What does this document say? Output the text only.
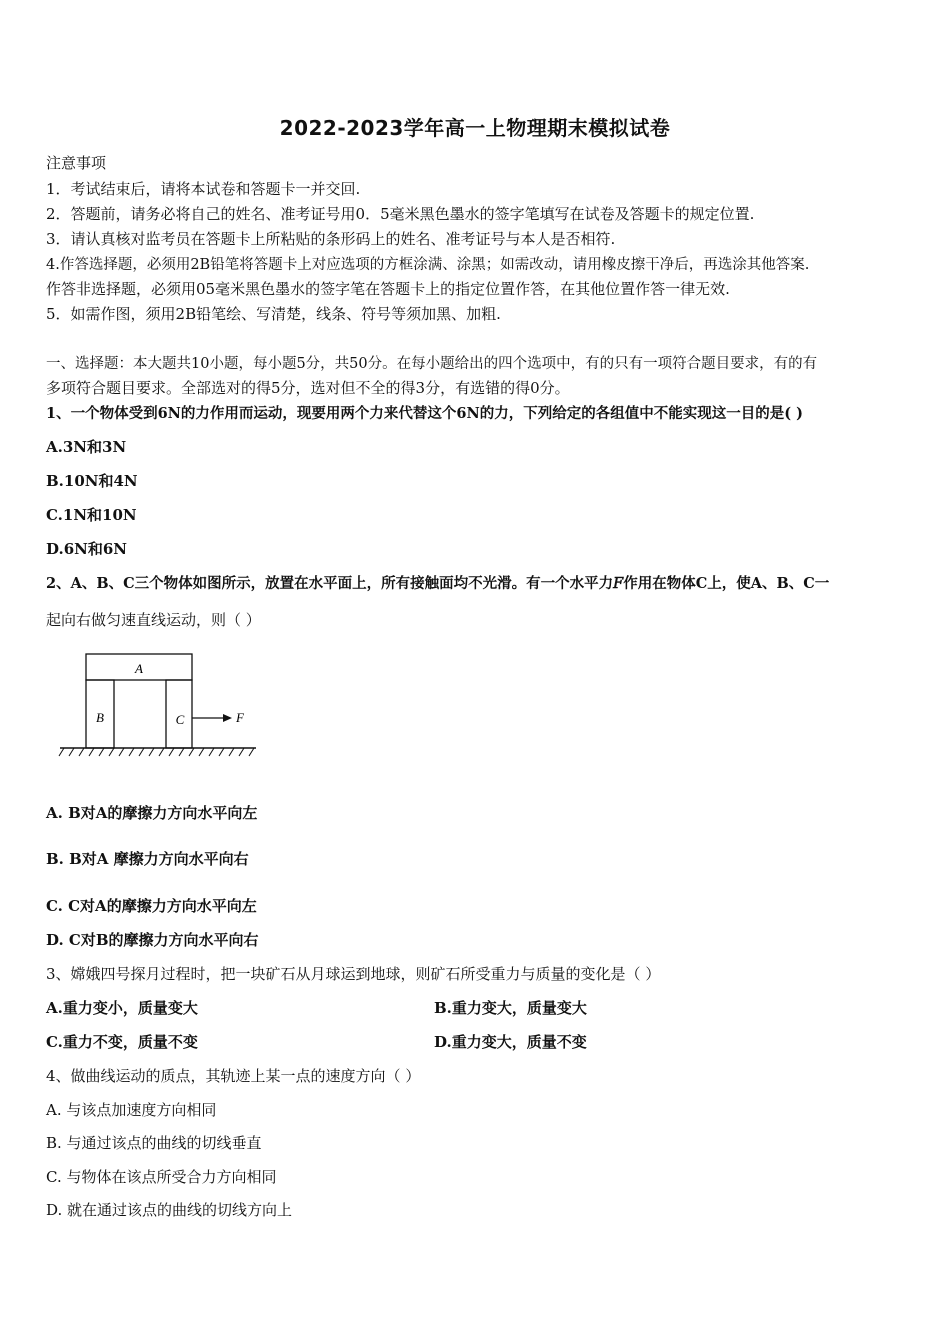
2022-2023学年高一上物理期末模拟试卷
注意事项
1．考试结束后，请将本试卷和答题卡一并交回.
2．答题前，请务必将自己的姓名、准考证号用0．5毫米黑色墨水的签字笔填写在试卷及答题卡的规定位置.
3．请认真核对监考员在答题卡上所粘贴的条形码上的姓名、准考证号与本人是否相符.
4.作答选择题，必须用2B铅笔将答题卡上对应选项的方框涂满、涂黑；如需改动，请用橡皮擦干净后，再选涂其他答案.
作答非选择题，必须用05毫米黑色墨水的签字笔在答题卡上的指定位置作答，在其他位置作答一律无效.
5．如需作图，须用2B铅笔绘、写清楚，线条、符号等须加黑、加粗.
一、选择题：本大题共10小题，每小题5分，共50分。在每小题给出的四个选项中，有的只有一项符合题目要求，有的有
多项符合题目要求。全部选对的得5分，选对但不全的得3分，有选错的得0分。
1、一个物体受到6N的力作用而运动，现要用两个力来代替这个6N的力，下列给定的各组值中不能实现这一目的是( )
A.3N和3N
B.10N和4N
C.1N和10N
D.6N和6N
2、A、B、C三个物体如图所示，放置在水平面上，所有接触面均不光滑。有一个水平力𝐹作用在物体C上，使A、B、C一
起向右做匀速直线运动，则（ ）
A
B	C	F
A. B对A的摩擦力方向水平向左
B. B对A 摩擦力方向水平向右
C. C对A的摩擦力方向水平向左
D. C对B的摩擦力方向水平向右
3、嫦娥四号探月过程时，把一块矿石从月球运到地球，则矿石所受重力与质量的变化是（ ）
A.重力变小，质量变大	B.重力变大，质量变大
C.重力不变，质量不变	D.重力变大，质量不变
4、做曲线运动的质点，其轨迹上某一点的速度方向（ ）
A. 与该点加速度方向相同
B. 与通过该点的曲线的切线垂直
C. 与物体在该点所受合力方向相同
D. 就在通过该点的曲线的切线方向上
